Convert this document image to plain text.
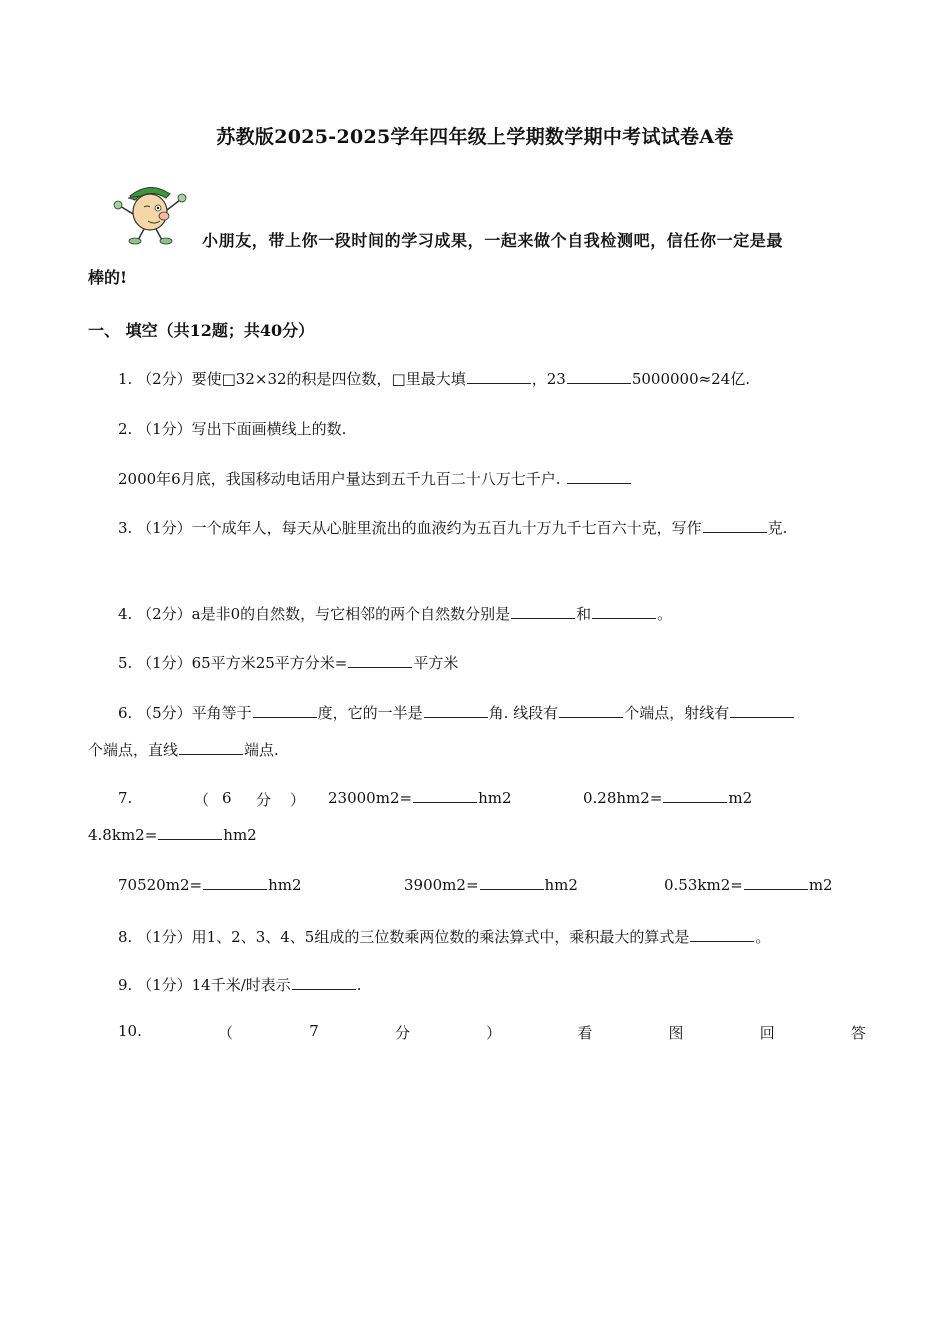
苏教版2025-2025学年四年级上学期数学期中考试试卷A卷
小朋友，带上你一段时间的学习成果，一起来做个自我检测吧，信任你一定是最
棒的!
一、 填空（共12题；共40分）
1. （2分）要使□32×32的积是四位数，□里最大填	，23	5000000≈24亿.
2. （1分）写出下面画横线上的数.
2000年6月底，我国移动电话用户量达到五千九百二十八万七千户.
3. （1分）一个成年人，每天从心脏里流出的血液约为五百九十万九千七百六十克，写作	克.
4. （2分）a是非0的自然数，与它相邻的两个自然数分别是	和	。
5. （1分）65平方米25平方分米=	平方米
6. （5分）平角等于	度，它的一半是	角. 线段有	个端点，射线有
个端点，直线	端点.
7.	（ 6 分 ） 23000m2=	hm2	0.28hm2=	m2
4.8km2=	hm2
70520m2=	hm2	3900m2=	hm2	0.53km2=	m2
8. （1分）用1、2、3、4、5组成的三位数乘两位数的乘法算式中，乘积最大的算式是	。
9. （1分）14千米/时表示	.
10.	（	7	分	）	看	图	回	答
